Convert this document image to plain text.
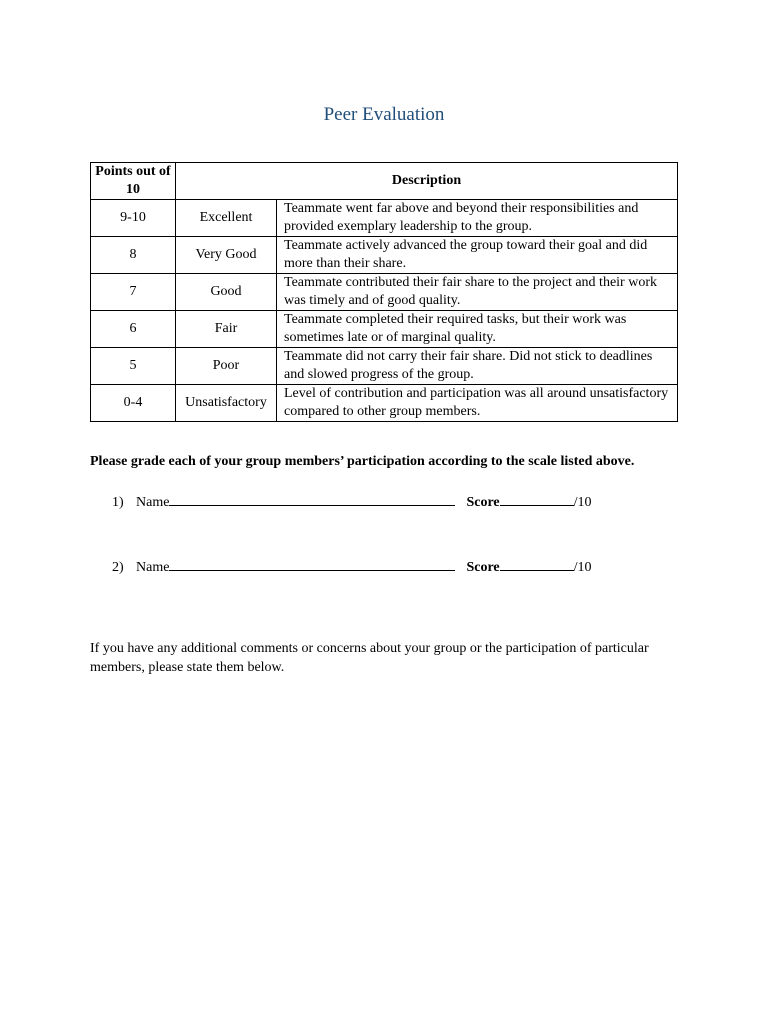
Peer Evaluation
Points out of 10	Description	
9-10	Excellent	Teammate went far above and beyond their responsibilities and provided exemplary leadership to the group.
8	Very Good	Teammate actively advanced the group toward their goal and did more than their share.
7	Good	Teammate contributed their fair share to the project and their work was timely and of good quality.
6	Fair	Teammate completed their required tasks, but their work was sometimes late or of marginal quality.
5	Poor	Teammate did not carry their fair share. Did not stick to deadlines and slowed progress of the group.
0-4	Unsatisfactory	Level of contribution and participation was all around unsatisfactory compared to other group members.
Please grade each of your group members’ participation according to the scale listed above.
1) Name	Score	/10
2) Name	Score	/10
If you have any additional comments or concerns about your group or the participation of particular members, please state them below.
